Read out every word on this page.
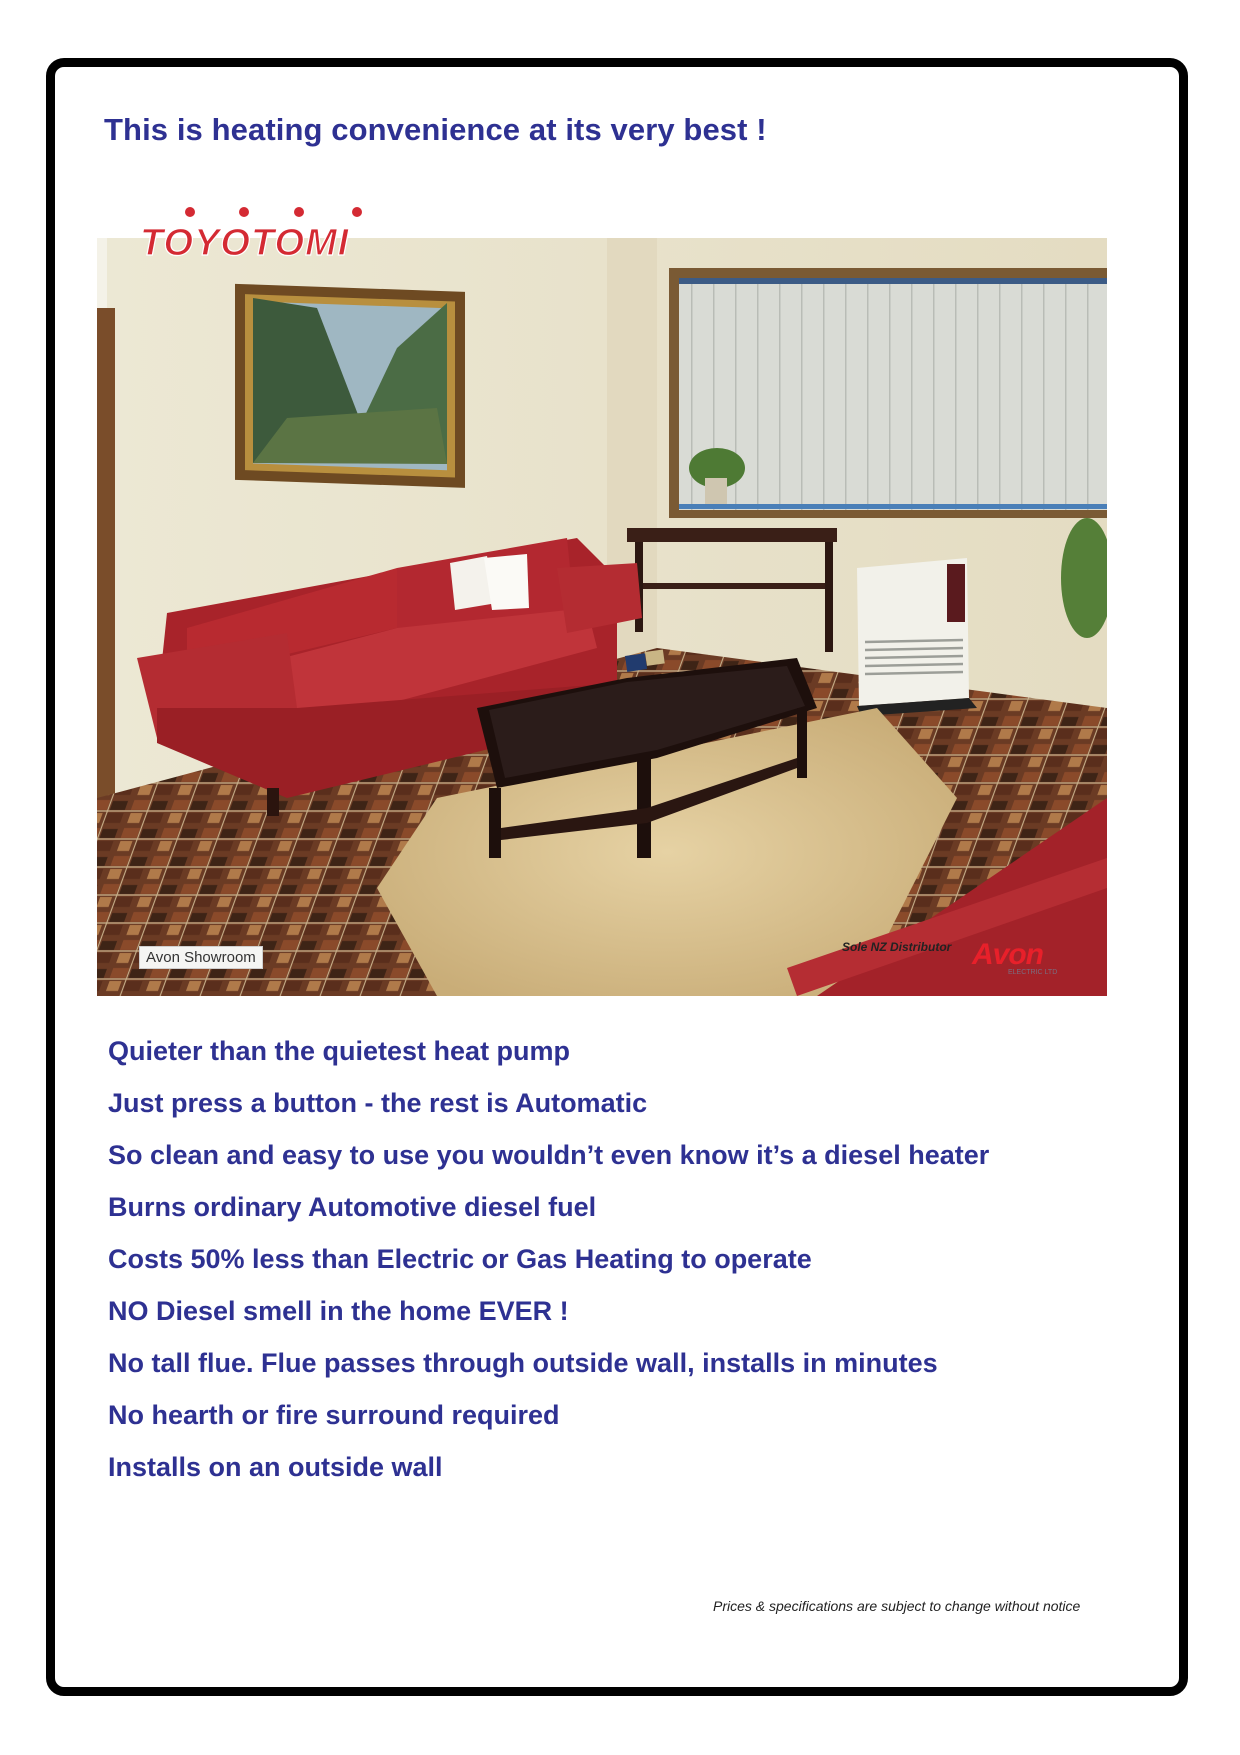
This is heating convenience at its very best !
TOYOTOMI
Avon Showroom
Sole NZ Distributor Avon
ELECTRIC LTD
Quieter than the quietest heat pump
Just press a button - the rest is Automatic
So clean and easy to use you wouldn’t even know it’s a diesel heater
Burns ordinary Automotive diesel fuel
Costs 50% less than Electric or Gas Heating to operate
NO Diesel smell in the home EVER !
No tall flue. Flue passes through outside wall, installs in minutes
No hearth or fire surround required
Installs on an outside wall
Prices & specifications are subject to change without notice
